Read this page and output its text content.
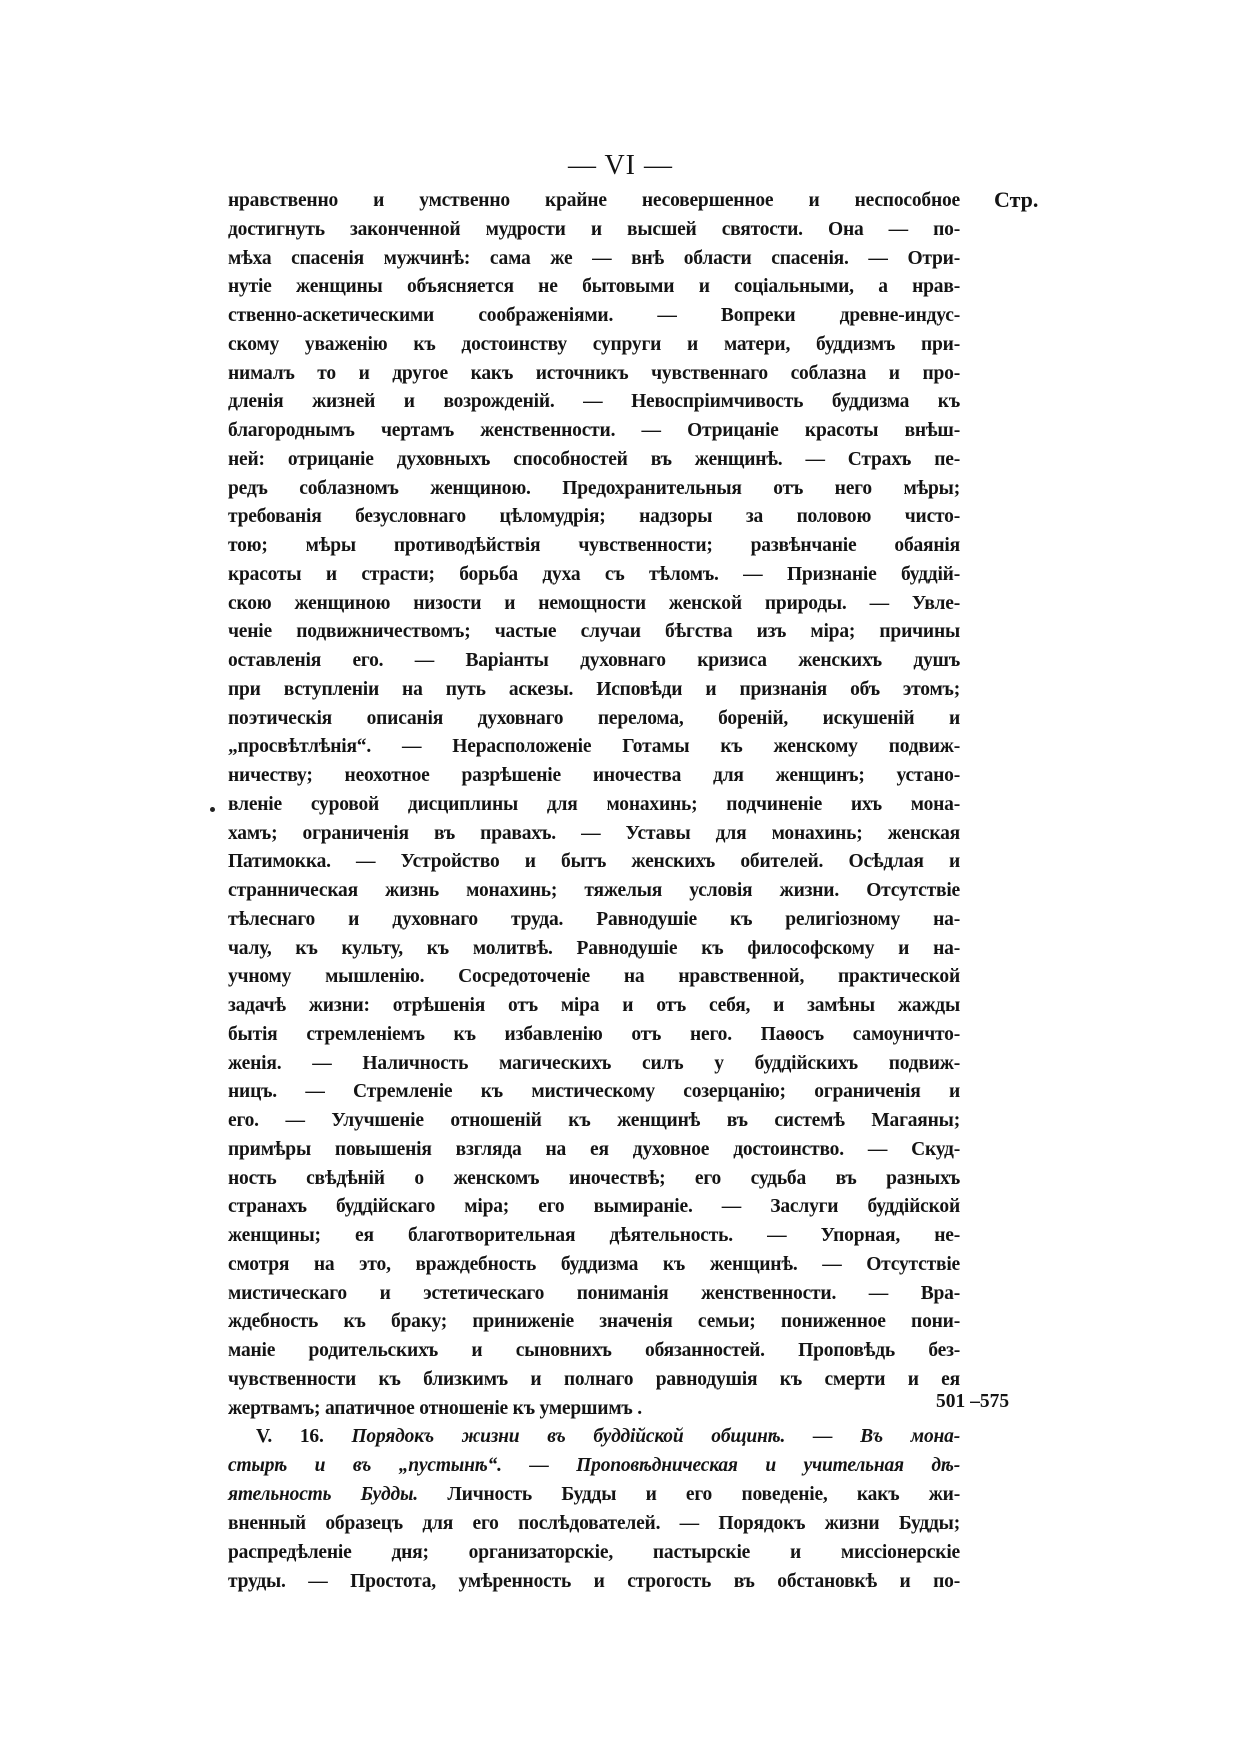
— VI —
Стр.
нравственно и умственно крайне несовершенное и неспособное
достигнуть законченной мудрости и высшей святости. Она — по-
мѣха спасенія мужчинѣ: сама же — внѣ области спасенія. — Отри-
нутіе женщины объясняется не бытовыми и соціальными, а нрав-
ственно-аскетическими соображеніями. — Вопреки древне-индус-
скому уваженію къ достоинству супруги и матери, буддизмъ при-
нималъ то и другое какъ источникъ чувственнаго соблазна и про-
дленія жизней и возрожденій. — Невоспріимчивость буддизма къ
благороднымъ чертамъ женственности. — Отрицаніе красоты внѣш-
ней: отрицаніе духовныхъ способностей въ женщинѣ. — Страхъ пе-
редъ соблазномъ женщиною. Предохранительныя отъ него мѣры;
требованія безусловнаго цѣломудрія; надзоры за половою чисто-
тою; мѣры противодѣйствія чувственности; развѣнчаніе обаянія
красоты и страсти; борьба духа съ тѣломъ. — Признаніе буддій-
скою женщиною низости и немощности женской природы. — Увле-
ченіе подвижничествомъ; частые случаи бѣгства изъ міра; причины
оставленія его. — Варіанты духовнаго кризиса женскихъ душъ
при вступленіи на путь аскезы. Исповѣди и признанія объ этомъ;
поэтическія описанія духовнаго перелома, бореній, искушеній и
„просвѣтлѣнія“. — Нерасположеніе Готамы къ женскому подвиж-
ничеству; неохотное разрѣшеніе иночества для женщинъ; устано-
вленіе суровой дисциплины для монахинь; подчиненіе ихъ мона-
хамъ; ограниченія въ правахъ. — Уставы для монахинь; женская
Патимокка. — Устройство и бытъ женскихъ обителей. Осѣдлая и
странническая жизнь монахинь; тяжелыя условія жизни. Отсутствіе
тѣлеснаго и духовнаго труда. Равнодушіе къ религіозному на-
чалу, къ культу, къ молитвѣ. Равнодушіе къ философскому и на-
учному мышленію. Сосредоточеніе на нравственной, практической
задачѣ жизни: отрѣшенія отъ міра и отъ себя, и замѣны жажды
бытія стремленіемъ къ избавленію отъ него. Паѳосъ самоуничто-
женія. — Наличность магическихъ силъ у буддійскихъ подвиж-
ницъ. — Стремленіе къ мистическому созерцанію; ограниченія и
его. — Улучшеніе отношеній къ женщинѣ въ системѣ Магаяны;
примѣры повышенія взгляда на ея духовное достоинство. — Скуд-
ность свѣдѣній о женскомъ иночествѣ; его судьба въ разныхъ
странахъ буддійскаго міра; его вымираніе. — Заслуги буддійской
женщины; ея благотворительная дѣятельность. — Упорная, не-
смотря на это, враждебность буддизма къ женщинѣ. — Отсутствіе
мистическаго и эстетическаго пониманія женственности. — Вра-
ждебность къ браку; приниженіе значенія семьи; пониженное пони-
маніе родительскихъ и сыновнихъ обязанностей. Проповѣдь без-
чувственности къ близкимъ и полнаго равнодушія къ смерти и ея
жертвамъ; апатичное отношеніе къ умершимъ .	501 –575
V. 16. Порядокъ жизни въ буддійской общинѣ. — Въ мона-
стырѣ и въ „пустынѣ“. — Проповѣдническая и учительная дѣ-
ятельность Будды. Личность Будды и его поведеніе, какъ жи-
вненный образецъ для его послѣдователей. — Порядокъ жизни Будды;
распредѣленіе дня; организаторскіе, пастырскіе и миссіонерскіе
труды. — Простота, умѣренность и строгость въ обстановкѣ и по-
